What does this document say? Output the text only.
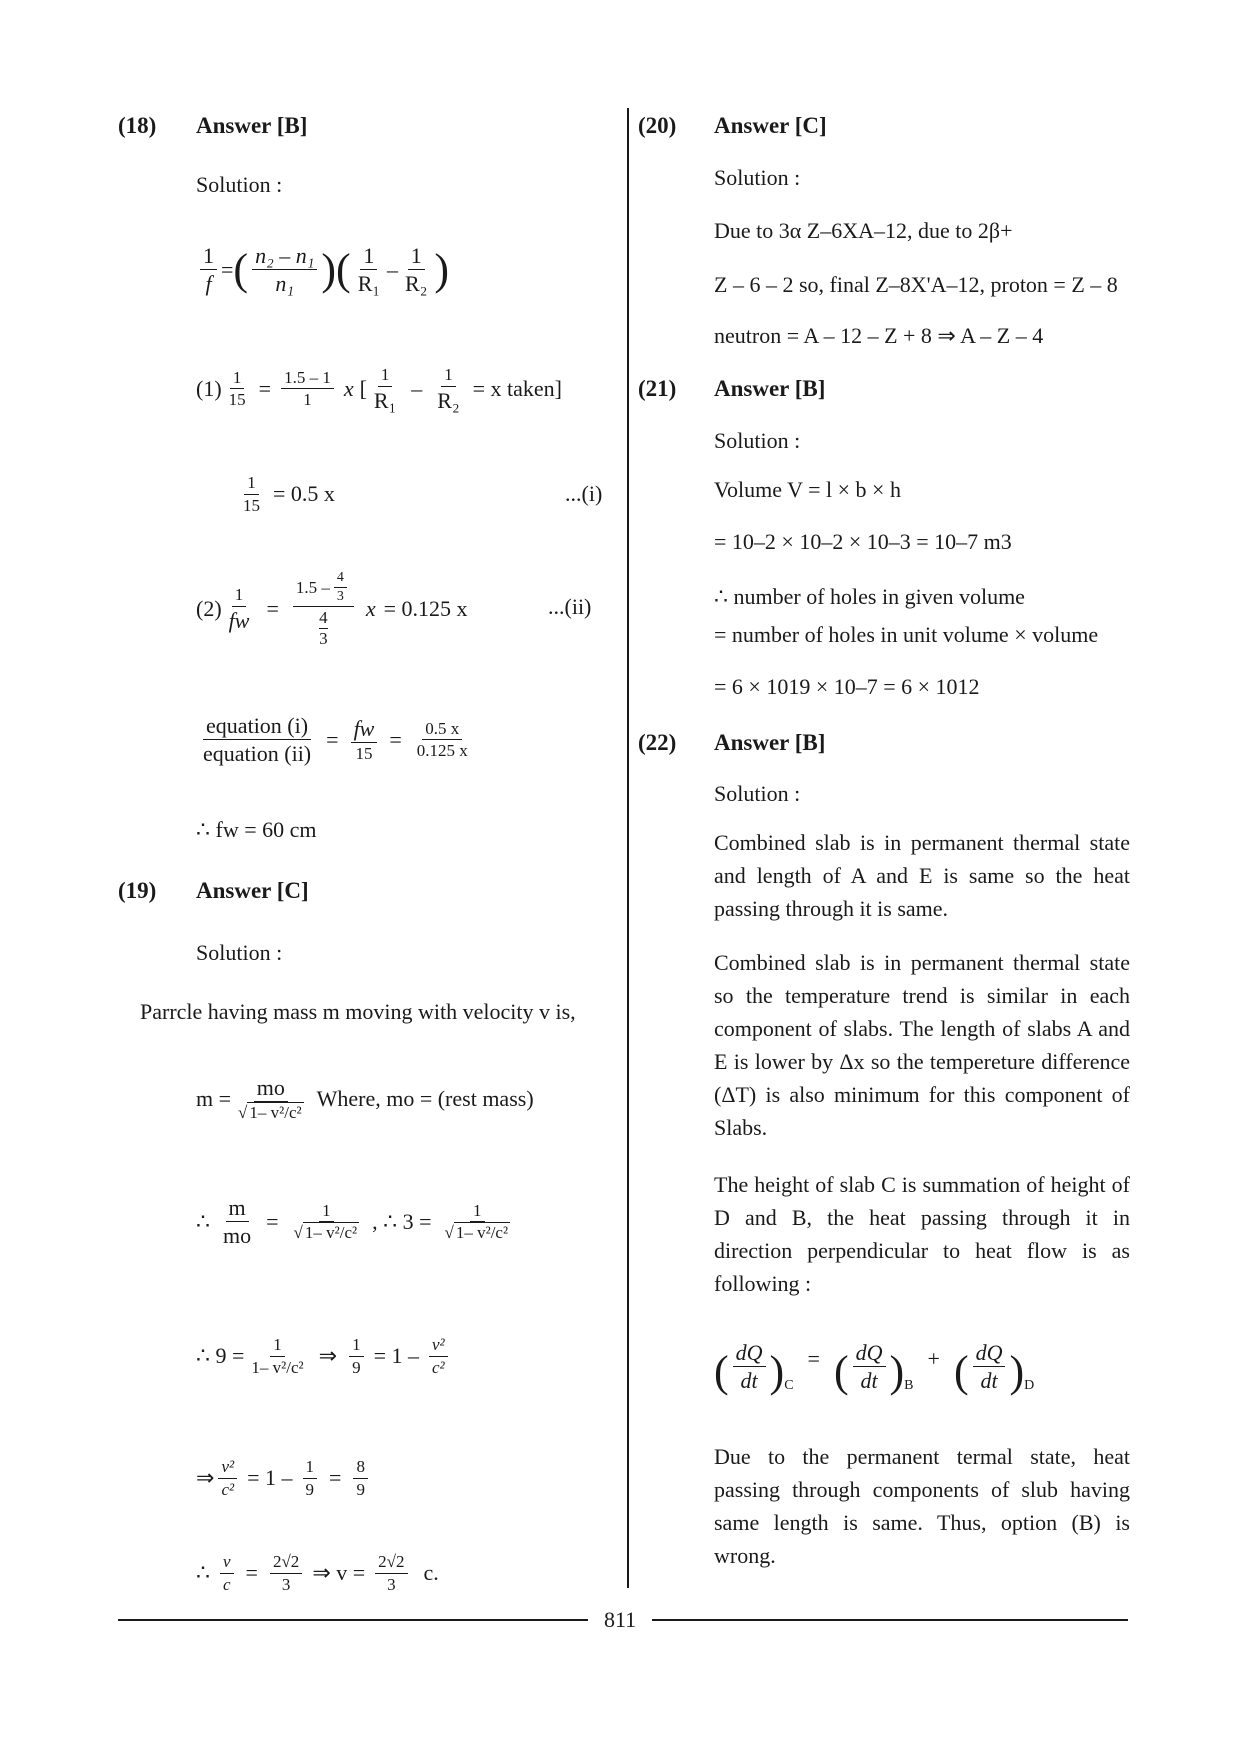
(18) Answer [B]
Solution :
$\frac{1}{f}$ = ( $\frac{\text{n₂ – n₁}}{\text{n₁}}$ ) ( $\frac{1}{\text{R₁}} - \frac{1}{\text{R₂}}$ )
$(1) \frac{1}{15} = \frac{1.5 - 1}{1}$ x [ $\frac{1}{\text{R₁}} - \frac{1}{\text{R₂}} = x$ taken]
$\frac{1}{15} = 0.5$ x	...(i)
$(2) \frac{1}{fw} = 1.5 - \frac{4}{3}$
4
3 x = 0.125 x	...(ii)
$\frac{\text{equation (i)}}{\text{equation (ii)}} = \frac{fw}{15} = \frac{0.5 x}{0.125 x}$
∴ fw = 60 cm
(19) Answer [C]
Solution :
Parrcle having mass m moving with velocity v is,
$m = \frac{mo}{\text{√ 1– v²/c²}}$ Where, mo = (rest mass)
∴ $\frac{m}{mo} = \frac{1}{\text{√ 1– v²/c²}}$ , ∴ $3 = \frac{1}{\text{√ 1– v²/c²}}$
∴ $9 = \frac{1}{\text{1– v²/c²}}$ ⇒ $\frac{1}{9} = 1 - \frac{\text{v²}}{\text{c²}}$
⇒ $\frac{\text{v²}}{\text{c²}} = 1 - \frac{1}{9} = \frac{8}{9}$
∴ $\frac{v}{c} = \frac{2√2}{3}$ ⇒ $v = \frac{2√2}{3} c$.
(20) Answer [C]
Solution :
Due to 3α Z–6XA–12, due to 2β+
Z – 6 – 2 so, final Z–8X'A–12, proton = Z – 8
neutron = A – 12 – Z + 8 ⇒ A – Z – 4
(21) Answer [B]
Solution :
Volume V = l × b × h
= 10–2 × 10–2 × 10–3 = 10–7 m3
∴ number of holes in given volume
= number of holes in unit volume × volume
= 6 × 1019 × 10–7 = 6 × 1012
(22) Answer [B]
Solution :
Combined slab is in permanent thermal state and length of A and E is same so the heat passing through it is same.
Combined slab is in permanent thermal state so the temperature trend is similar in each component of slabs. The length of slabs A and E is lower by Δx so the tempereture difference (ΔT) is also minimum for this component of Slabs.
The height of slab C is summation of height of D and B, the heat passing through it in direction perpendicular to heat flow is as following :
( $\frac{dQ}{dt}$ ) C
= ( $\frac{dQ}{dt}$ ) B
+ ( $\frac{dQ}{dt}$ ) D
Due to the permanent termal state, heat passing through components of slub having same length is same. Thus, option (B) is wrong.
811
